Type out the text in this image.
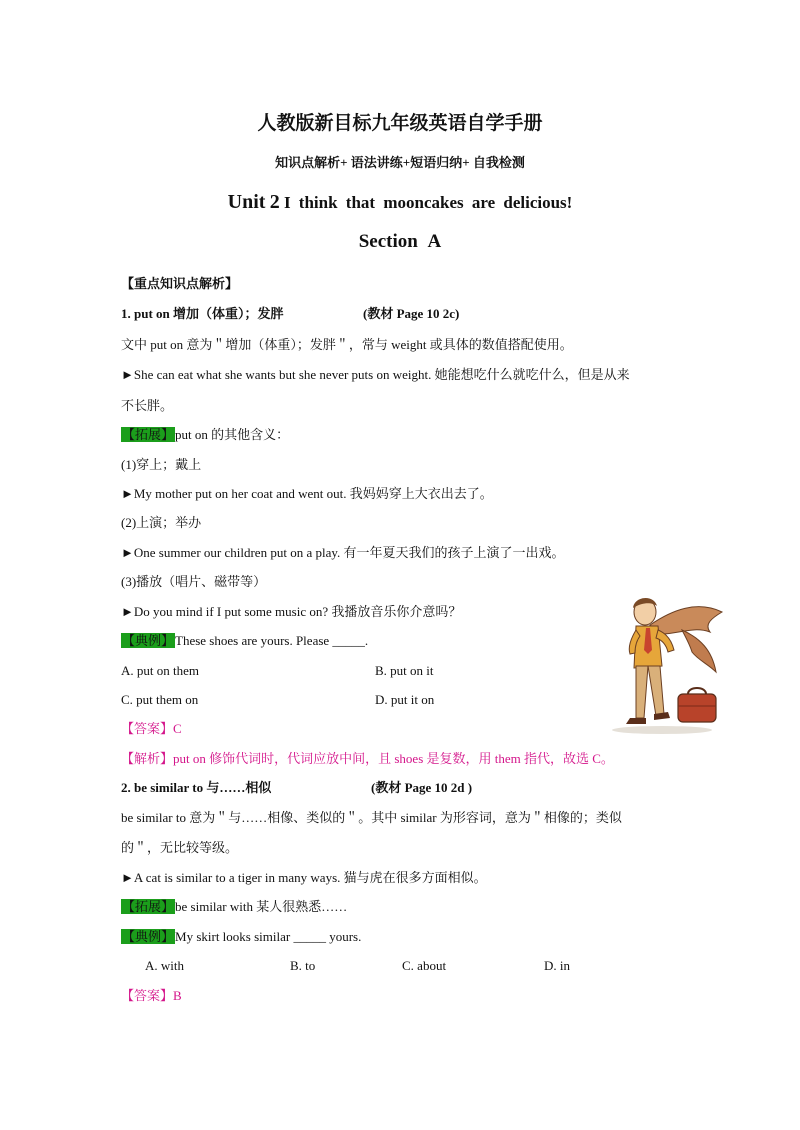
人教版新目标九年级英语自学手册
知识点解析+ 语法讲练+短语归纳+ 自我检测
Unit 2 I think that mooncakes are delicious!
Section A
【重点知识点解析】
1. put on 增加（体重）；发胖	(教材 Page 10 2c)
文中 put on 意为＂增加（体重）；发胖＂，常与 weight 或具体的数值搭配使用。
►She can eat what she wants but she never puts on weight. 她能想吃什么就吃什么，但是从来
不长胖。
【拓展】put on 的其他含义：
(1)穿上；戴上
►My mother put on her coat and went out. 我妈妈穿上大衣出去了。
(2)上演；举办
►One summer our children put on a play. 有一年夏天我们的孩子上演了一出戏。
(3)播放（唱片、磁带等）
►Do you mind if I put some music on? 我播放音乐你介意吗？
【典例】These shoes are yours. Please _____.
A. put on them	B. put on it
C. put them on	D. put it on
【答案】C
【解析】put on 修饰代词时，代词应放中间，且 shoes 是复数，用 them 指代，故选 C。
2. be similar to 与……相似	(教材 Page 10 2d )
be similar to 意为＂与……相像、类似的＂。其中 similar 为形容词，意为＂相像的；类似
的＂，无比较等级。
►A cat is similar to a tiger in many ways. 猫与虎在很多方面相似。
【拓展】be similar with 某人很熟悉……
【典例】My skirt looks similar _____ yours.
A. with	B. to	C. about	D. in
【答案】B
